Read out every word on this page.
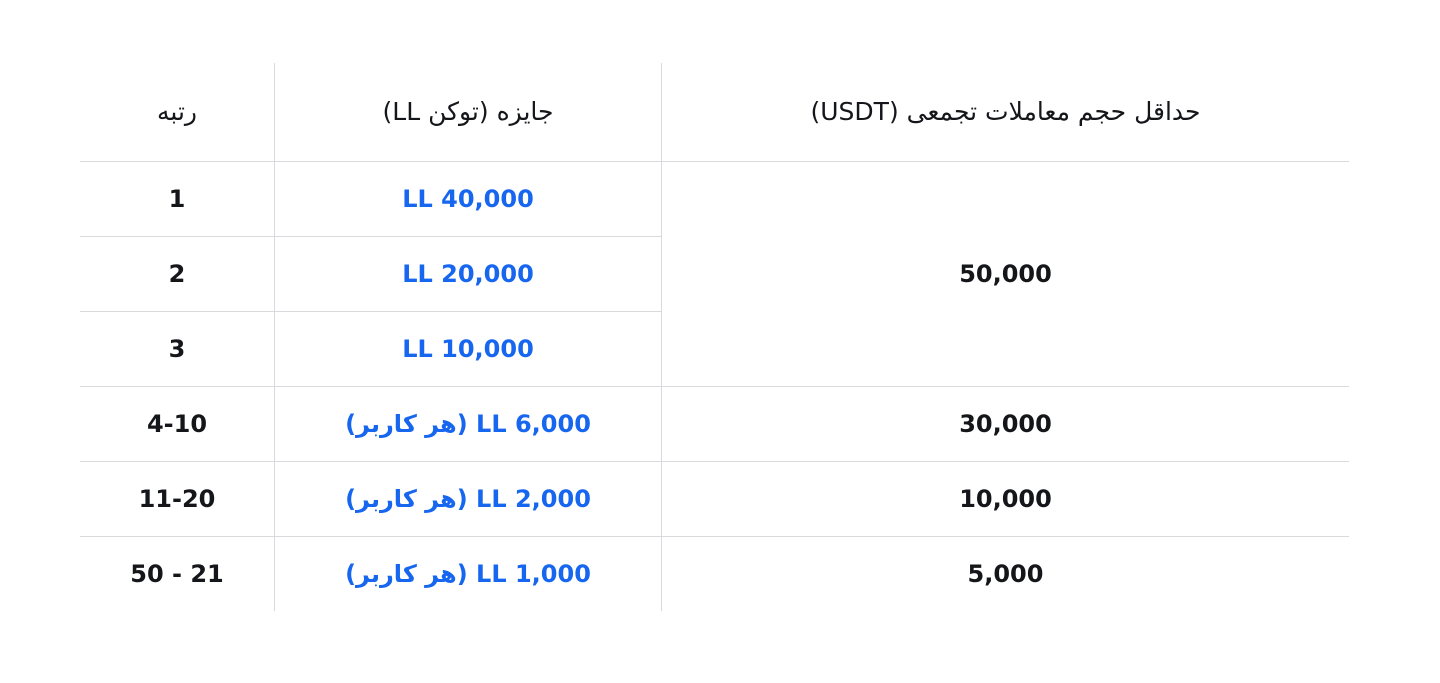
حداقل حجم معاملات تجمعی (USDT)	جایزه (توکن LL)	رتبه
50,000	40,000 LL	1
	20,000 LL	2
	10,000 LL	3
30,000	6,000 LL (هر کاربر)	4-10
10,000	2,000 LL (هر کاربر)	11-20
5,000	1,000 LL (هر کاربر)	21 - 50
